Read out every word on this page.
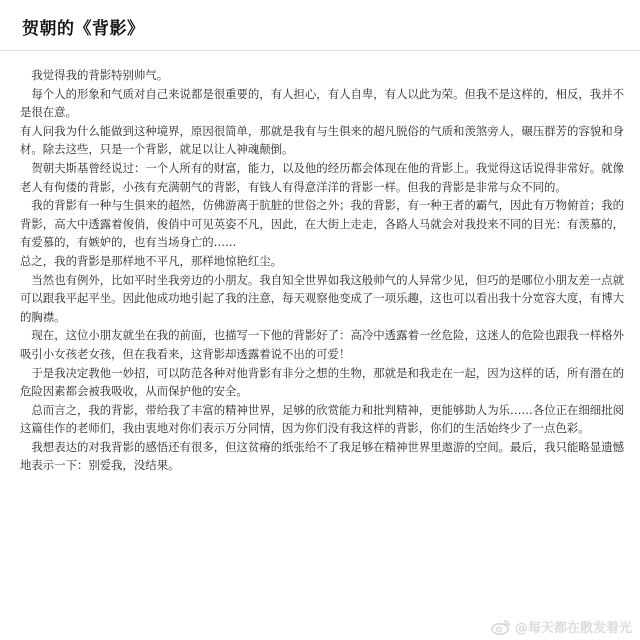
贺朝的《背影》

　我觉得我的背影特别帅气。

　每个人的形象和气质对自己来说都是很重要的，有人担心，有人自卑，有人以此为荣。但我不是这样的，相反，我并不是很在意。

有人问我为什么能做到这种境界，原因很简单，那就是我有与生俱来的超凡脱俗的气质和羡煞旁人，碾压群芳的容貌和身材。除去这些，只是一个背影，就足以让人神魂颠倒。

　贺朝夫斯基曾经说过：一个人所有的财富，能力，以及他的经历都会体现在他的背影上。我觉得这话说得非常好。就像老人有佝偻的背影，小孩有充满朝气的背影，有钱人有得意洋洋的背影一样。但我的背影是非常与众不同的。

　我的背影有一种与生俱来的超然，仿佛游离于肮脏的世俗之外；我的背影，有一种王者的霸气，因此有万物俯首；我的背影，高大中透露着俊俏，俊俏中可见英姿不凡，因此，在大街上走走，各路人马就会对我投来不同的目光：有羡慕的，有爱慕的，有嫉妒的，也有当场身亡的……

总之，我的背影是那样地不平凡，那样地惊艳红尘。

　当然也有例外，比如平时坐我旁边的小朋友。我自知全世界如我这般帅气的人异常少见，但巧的是哪位小朋友差一点就可以跟我平起平坐。因此他成功地引起了我的注意，每天观察他变成了一项乐趣，这也可以看出我十分宽容大度，有博大的胸襟。

　现在，这位小朋友就坐在我的前面，也描写一下他的背影好了：高冷中透露着一丝危险，这迷人的危险也跟我一样格外吸引小女孩老女孩，但在我看来，这背影却透露着说不出的可爱！

　于是我决定教他一妙招，可以防范各种对他背影有非分之想的生物，那就是和我走在一起，因为这样的话，所有潜在的危险因素都会被我吸收，从而保护他的安全。

　总而言之，我的背影，带给我了丰富的精神世界，足够的欣赏能力和批判精神，更能够助人为乐……各位正在细细批阅这篇佳作的老师们，我由衷地对你们表示万分同情，因为你们没有我这样的背影，你们的生活始终少了一点色彩。

　我想表达的对我背影的感悟还有很多，但这贫瘠的纸张给不了我足够在精神世界里遨游的空间。最后，我只能略显遗憾地表示一下：别爱我，没结果。

@每天都在散发着光
